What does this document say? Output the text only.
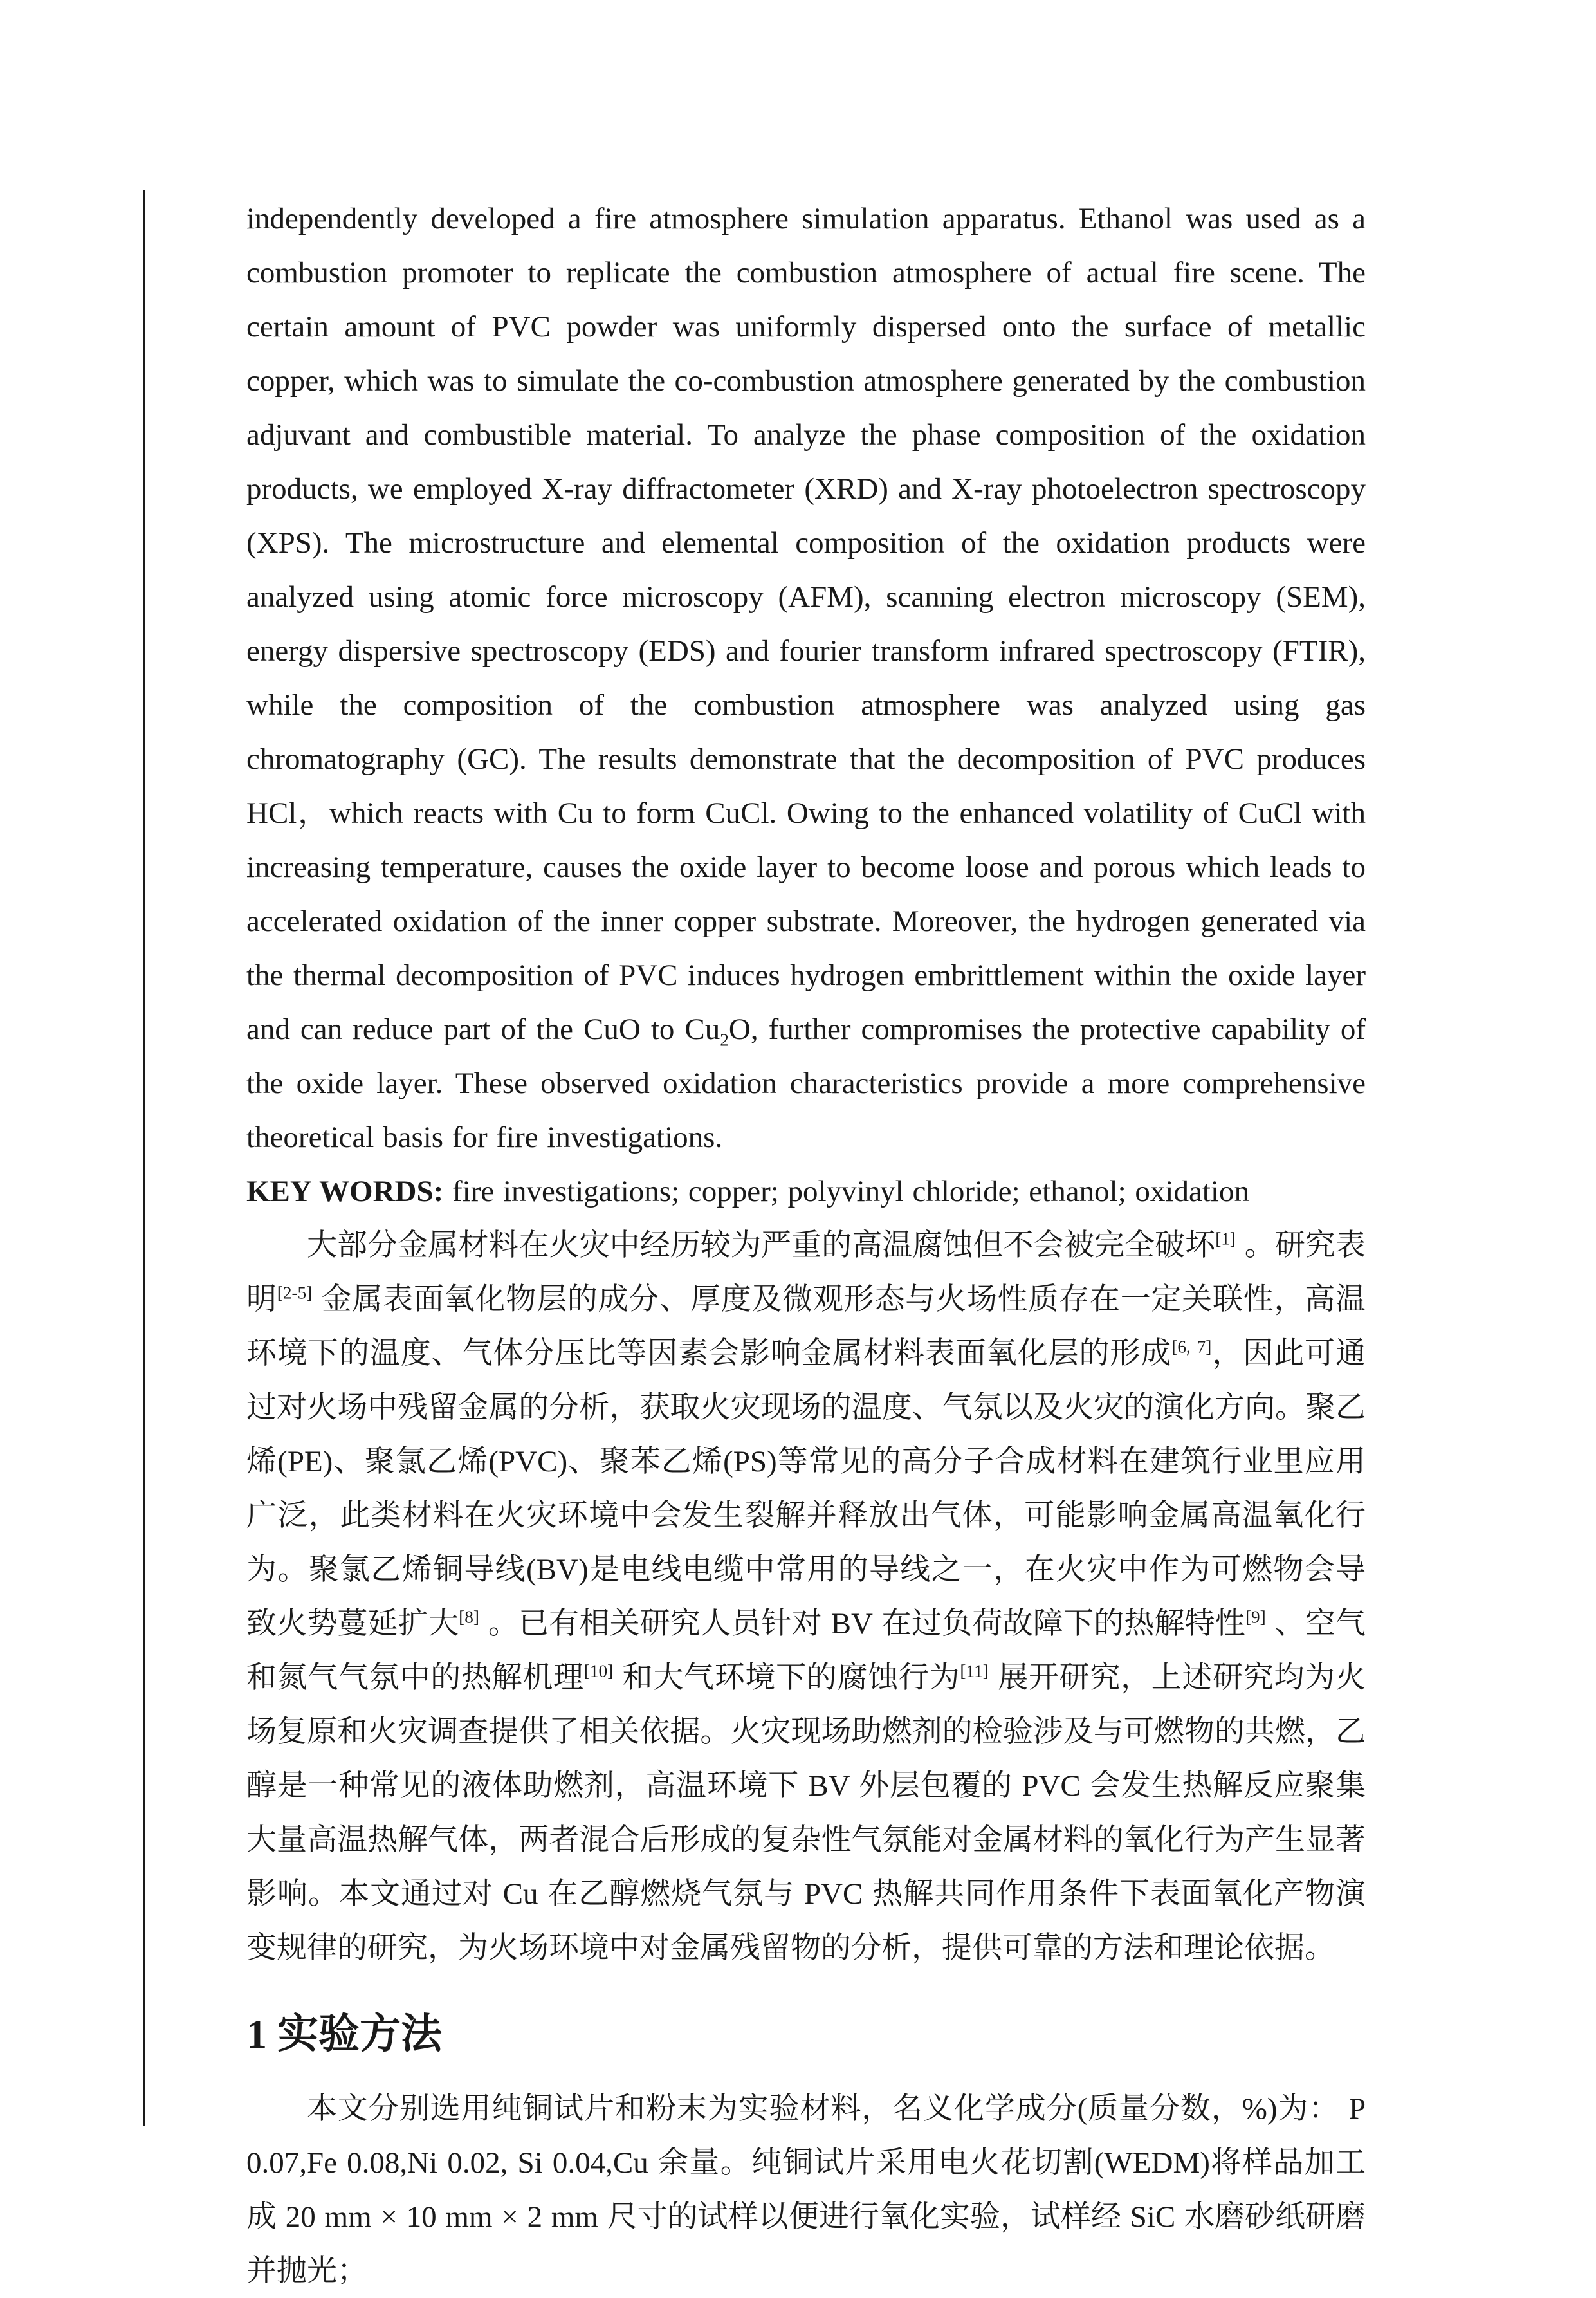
independently developed a fire atmosphere simulation apparatus. Ethanol was used as a combustion promoter to replicate the combustion atmosphere of actual fire scene. The certain amount of PVC powder was uniformly dispersed onto the surface of metallic copper, which was to simulate the co-combustion atmosphere generated by the combustion adjuvant and combustible material. To analyze the phase composition of the oxidation products, we employed X-ray diffractometer (XRD) and X-ray photoelectron spectroscopy (XPS). The microstructure and elemental composition of the oxidation products were analyzed using atomic force microscopy (AFM), scanning electron microscopy (SEM), energy dispersive spectroscopy (EDS) and fourier transform infrared spectroscopy (FTIR), while the composition of the combustion atmosphere was analyzed using gas chromatography (GC). The results demonstrate that the decomposition of PVC produces HCl，which reacts with Cu to form CuCl. Owing to the enhanced volatility of CuCl with increasing temperature, causes the oxide layer to become loose and porous which leads to accelerated oxidation of the inner copper substrate. Moreover, the hydrogen generated via the thermal decomposition of PVC induces hydrogen embrittlement within the oxide layer and can reduce part of the CuO to $Cu_2O$, further compromises the protective capability of the oxide layer. These observed oxidation characteristics provide a more comprehensive theoretical basis for fire investigations.

KEY WORDS: fire investigations; copper; polyvinyl chloride; ethanol; oxidation

大部分金属材料在火灾中经历较为严重的高温腐蚀但不会被完全破坏[1] 。研究表明[2-5] 金属表面氧化物层的成分、厚度及微观形态与火场性质存在一定关联性，高温环境下的温度、气体分压比等因素会影响金属材料表面氧化层的形成[6, 7]，因此可通过对火场中残留金属的分析，获取火灾现场的温度、气氛以及火灾的演化方向。聚乙烯(PE)、聚氯乙烯(PVC)、聚苯乙烯(PS)等常见的高分子合成材料在建筑行业里应用广泛，此类材料在火灾环境中会发生裂解并释放出气体，可能影响金属高温氧化行为。聚氯乙烯铜导线(BV)是电线电缆中常用的导线之一，在火灾中作为可燃物会导致火势蔓延扩大[8] 。已有相关研究人员针对 BV 在过负荷故障下的热解特性[9] 、空气和氮气气氛中的热解机理[10] 和大气环境下的腐蚀行为[11] 展开研究，上述研究均为火场复原和火灾调查提供了相关依据。火灾现场助燃剂的检验涉及与可燃物的共燃，乙醇是一种常见的液体助燃剂，高温环境下 BV 外层包覆的 PVC 会发生热解反应聚集大量高温热解气体，两者混合后形成的复杂性气氛能对金属材料的氧化行为产生显著影响。本文通过对 Cu 在乙醇燃烧气氛与 PVC 热解共同作用条件下表面氧化产物演变规律的研究，为火场环境中对金属残留物的分析，提供可靠的方法和理论依据。

1 实验方法

本文分别选用纯铜试片和粉末为实验材料，名义化学成分(质量分数，%)为： P 0.07,Fe 0.08,Ni 0.02, Si 0.04,Cu 余量。纯铜试片采用电火花切割(WEDM)将样品加工成 20 mm × 10 mm × 2 mm 尺寸的试样以便进行氧化实验，试样经 SiC 水磨砂纸研磨并抛光；
